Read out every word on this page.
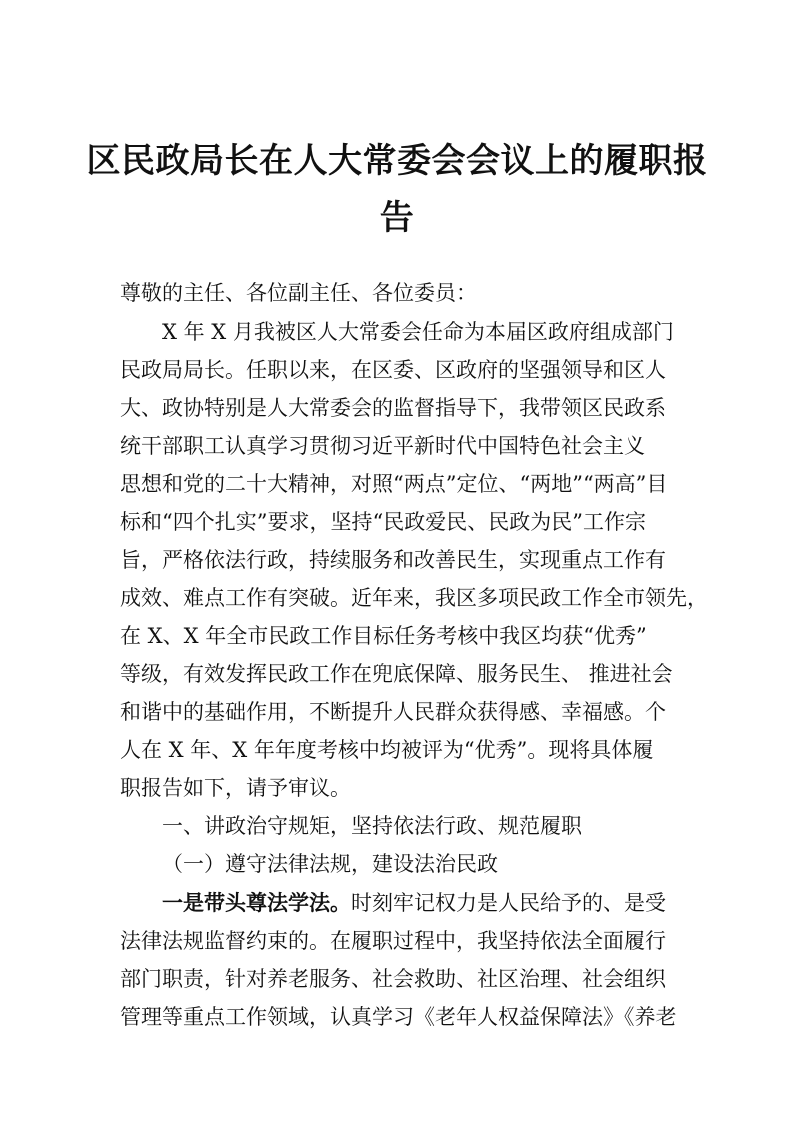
区民政局长在人大常委会会议上的履职报
告
尊敬的主任、各位副主任、各位委员：
X 年 X 月我被区人大常委会任命为本届区政府组成部门
民政局局长。任职以来，在区委、区政府的坚强领导和区人
大、政协特别是人大常委会的监督指导下，我带领区民政系
统干部职工认真学习贯彻习近平新时代中国特色社会主义
思想和党的二十大精神，对照“两点”定位、“两地”“两高”目
标和“四个扎实”要求，坚持“民政爱民、民政为民”工作宗
旨，严格依法行政，持续服务和改善民生，实现重点工作有
成效、难点工作有突破。近年来，我区多项民政工作全市领先，
在 X、X 年全市民政工作目标任务考核中我区均获“优秀”
等级，有效发挥民政工作在兜底保障、服务民生、 推进社会
和谐中的基础作用，不断提升人民群众获得感、幸福感。个
人在 X 年、X 年年度考核中均被评为“优秀”。现将具体履
职报告如下，请予审议。
一、讲政治守规矩，坚持依法行政、规范履职
（一）遵守法律法规，建设法治民政
一是带头尊法学法。时刻牢记权力是人民给予的、是受
法律法规监督约束的。在履职过程中，我坚持依法全面履行
部门职责，针对养老服务、社会救助、社区治理、社会组织
管理等重点工作领域，认真学习《老年人权益保障法》《养老
